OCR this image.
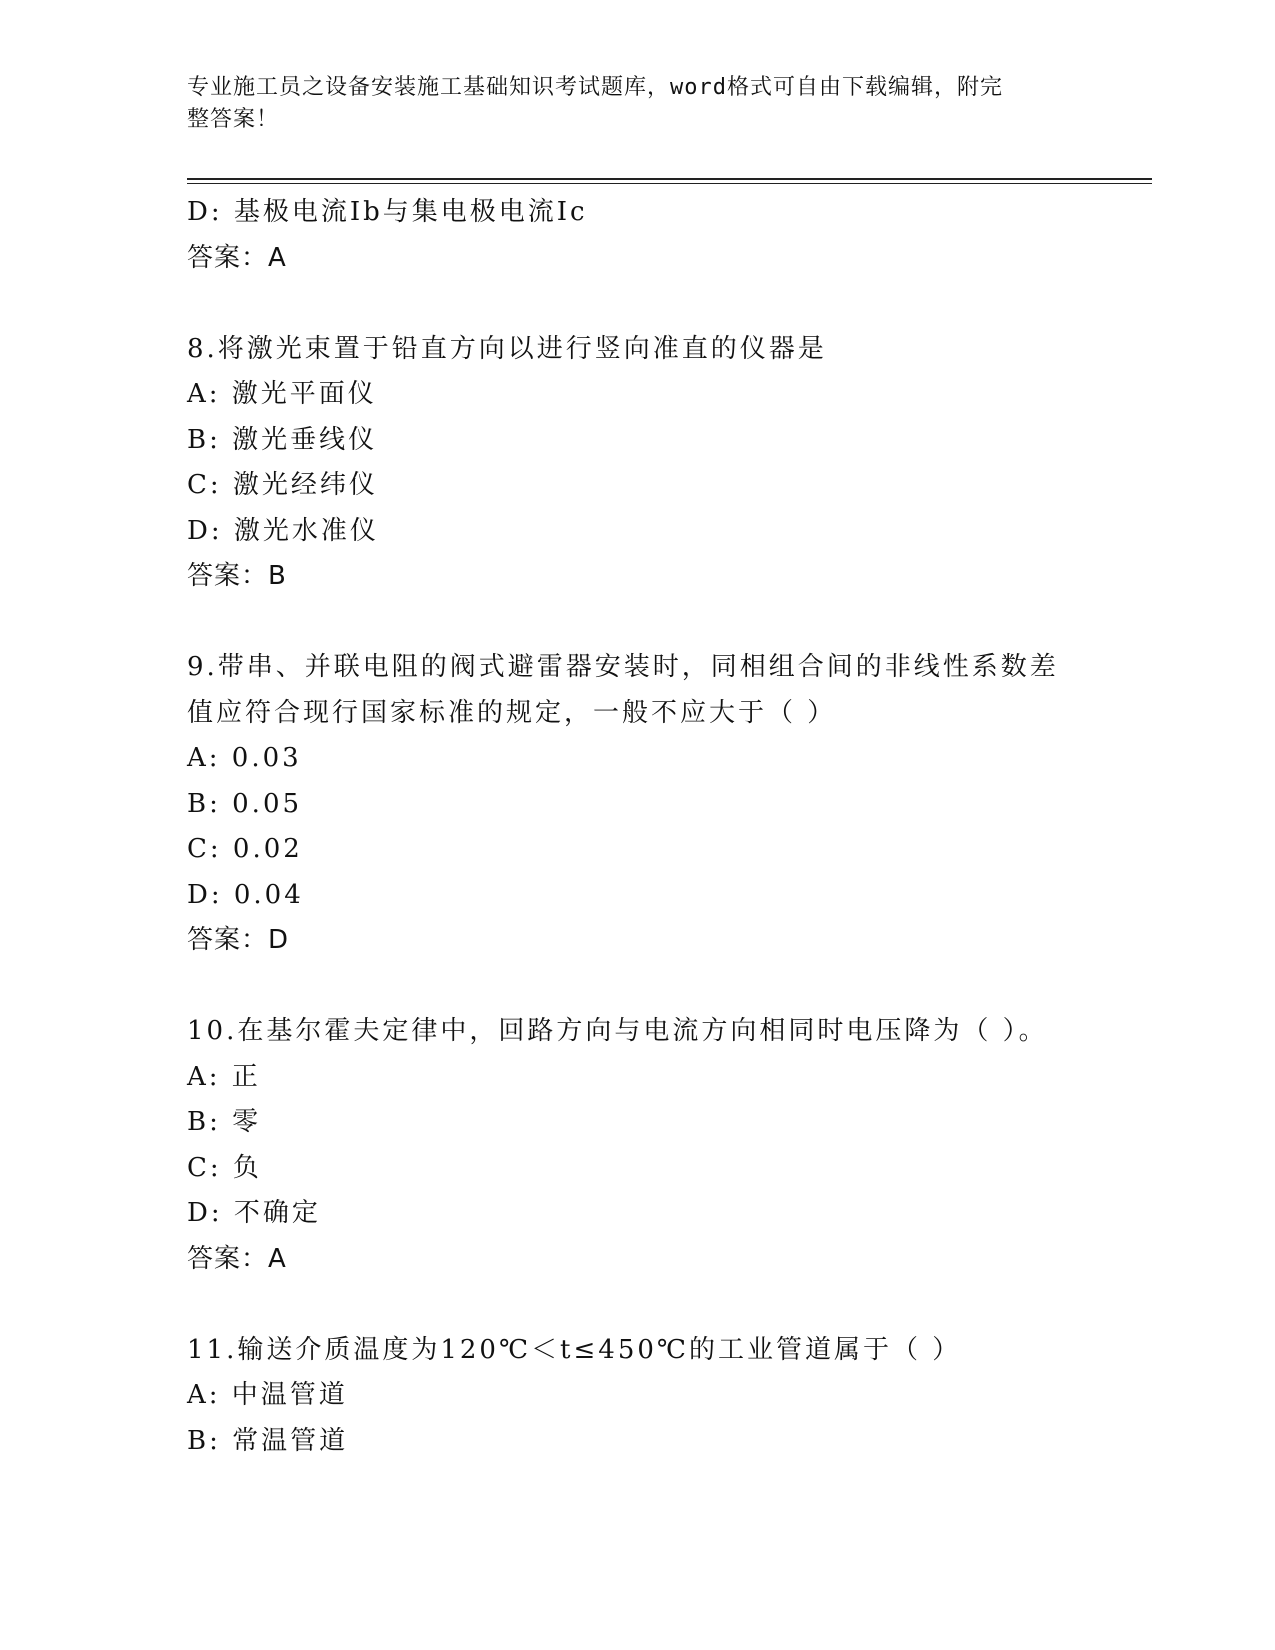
专业施工员之设备安装施工基础知识考试题库，word格式可自由下载编辑，附完
整答案！
D: 基极电流Ib与集电极电流Ic
答案：A
8.将激光束置于铅直方向以进行竖向准直的仪器是
A: 激光平面仪
B: 激光垂线仪
C: 激光经纬仪
D: 激光水准仪
答案：B
9.带串、并联电阻的阀式避雷器安装时，同相组合间的非线性系数差
值应符合现行国家标准的规定，一般不应大于（ ）
A: 0.03
B: 0.05
C: 0.02
D: 0.04
答案：D
10.在基尔霍夫定律中，回路方向与电流方向相同时电压降为（ ）。
A: 正
B: 零
C: 负
D: 不确定
答案：A
11.输送介质温度为120℃＜t≤450℃的工业管道属于（ ）
A: 中温管道
B: 常温管道
